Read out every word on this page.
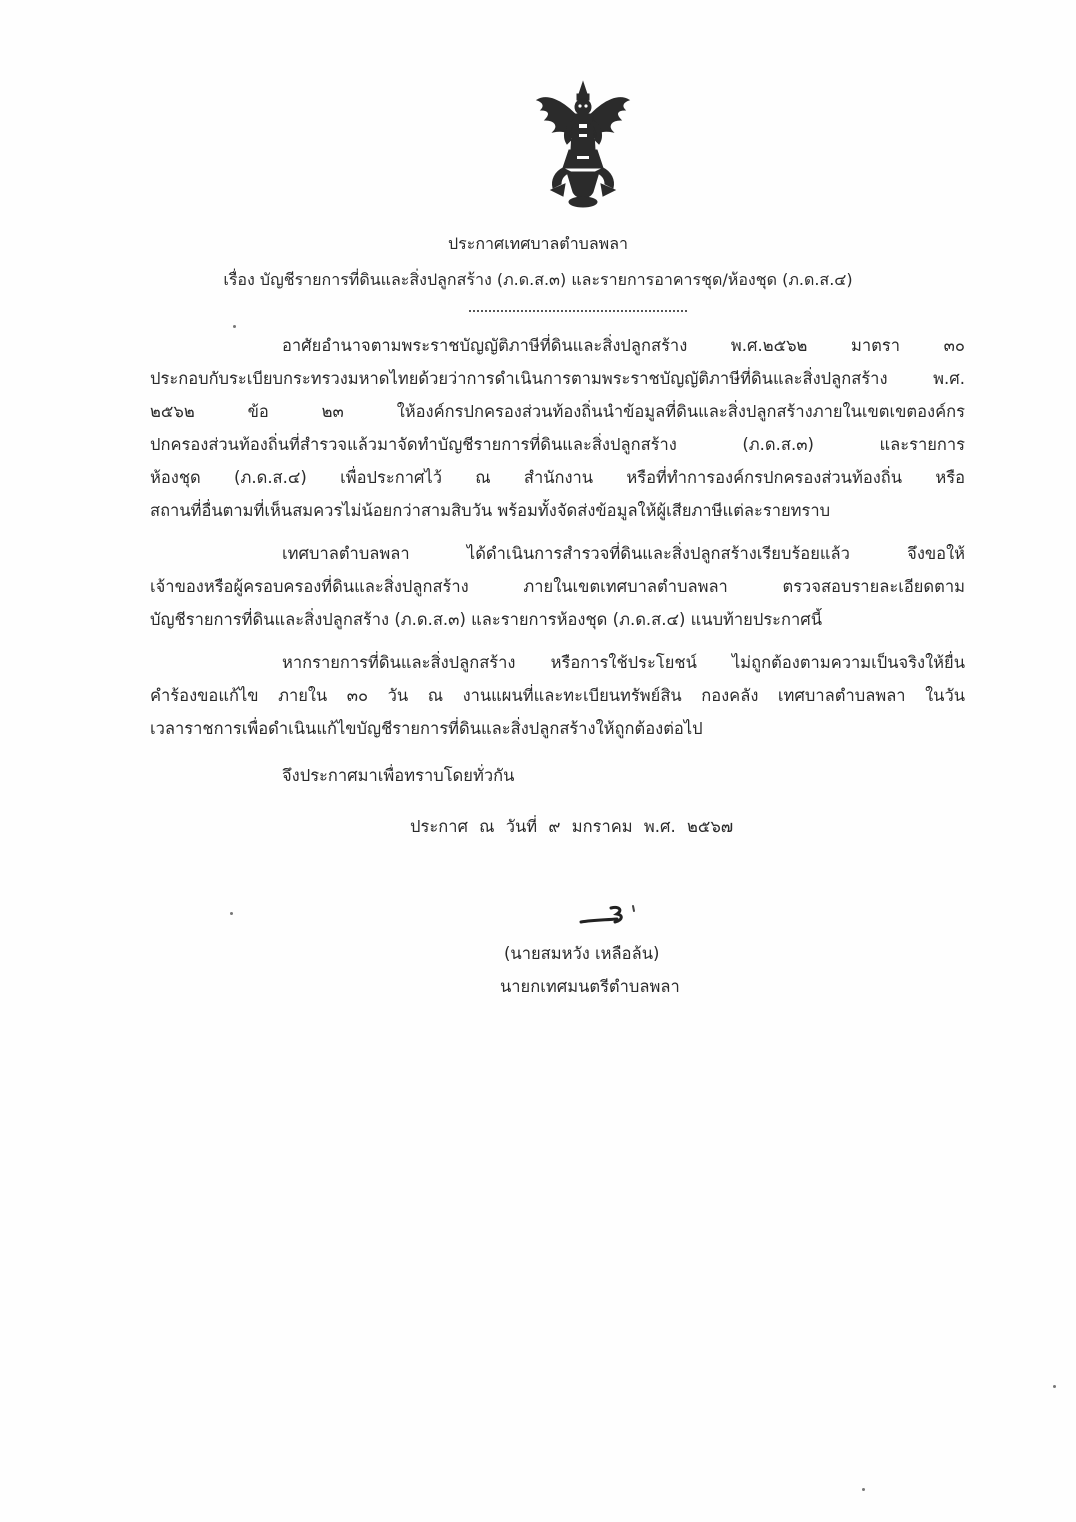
ประกาศเทศบาลตำบลพลา
เรื่อง บัญชีรายการที่ดินและสิ่งปลูกสร้าง (ภ.ด.ส.๓) และรายการอาคารชุด/ห้องชุด (ภ.ด.ส.๔)
อาศัยอำนาจตามพระราชบัญญัติภาษีที่ดินและสิ่งปลูกสร้าง พ.ศ.๒๕๖๒ มาตรา ๓๐
ประกอบกับระเบียบกระทรวงมหาดไทยด้วยว่าการดำเนินการตามพระราชบัญญัติภาษีที่ดินและสิ่งปลูกสร้าง พ.ศ.
๒๕๖๒ ข้อ ๒๓ ให้องค์กรปกครองส่วนท้องถิ่นนำข้อมูลที่ดินและสิ่งปลูกสร้างภายในเขตเขตองค์กร
ปกครองส่วนท้องถิ่นที่สำรวจแล้วมาจัดทำบัญชีรายการที่ดินและสิ่งปลูกสร้าง (ภ.ด.ส.๓) และรายการ
ห้องชุด (ภ.ด.ส.๔) เพื่อประกาศไว้ ณ สำนักงาน หรือที่ทำการองค์กรปกครองส่วนท้องถิ่น หรือ
สถานที่อื่นตามที่เห็นสมควรไม่น้อยกว่าสามสิบวัน พร้อมทั้งจัดส่งข้อมูลให้ผู้เสียภาษีแต่ละรายทราบ
เทศบาลตำบลพลา ได้ดำเนินการสำรวจที่ดินและสิ่งปลูกสร้างเรียบร้อยแล้ว จึงขอให้
เจ้าของหรือผู้ครอบครองที่ดินและสิ่งปลูกสร้าง ภายในเขตเทศบาลตำบลพลา ตรวจสอบรายละเอียดตาม
บัญชีรายการที่ดินและสิ่งปลูกสร้าง (ภ.ด.ส.๓) และรายการห้องชุด (ภ.ด.ส.๔) แนบท้ายประกาศนี้
หากรายการที่ดินและสิ่งปลูกสร้าง หรือการใช้ประโยชน์ ไม่ถูกต้องตามความเป็นจริงให้ยื่น
คำร้องขอแก้ไข ภายใน ๓๐ วัน ณ งานแผนที่และทะเบียนทรัพย์สิน กองคลัง เทศบาลตำบลพลา ในวัน
เวลาราชการเพื่อดำเนินแก้ไขบัญชีรายการที่ดินและสิ่งปลูกสร้างให้ถูกต้องต่อไป
จึงประกาศมาเพื่อทราบโดยทั่วกัน
ประกาศ ณ วันที่ ๙ มกราคม พ.ศ. ๒๕๖๗
(นายสมหวัง เหลือล้น)
นายกเทศมนตรีตำบลพลา
